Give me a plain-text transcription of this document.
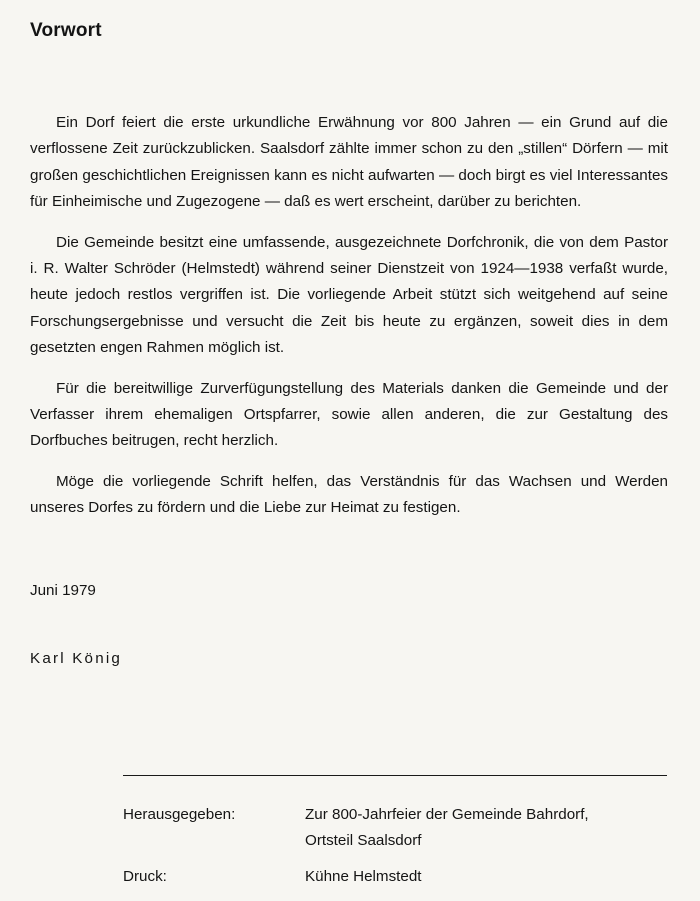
Vorwort

Ein Dorf feiert die erste urkundliche Erwähnung vor 800 Jahren — ein Grund auf die verflossene Zeit zurückzublicken. Saalsdorf zählte immer schon zu den „stillen“ Dörfern — mit großen geschichtlichen Ereignissen kann es nicht aufwarten — doch birgt es viel Interessantes für Einheimische und Zugezogene — daß es wert erscheint, darüber zu berichten.

Die Gemeinde besitzt eine umfassende, ausgezeichnete Dorfchronik, die von dem Pastor i. R. Walter Schröder (Helmstedt) während seiner Dienstzeit von 1924—1938 verfaßt wurde, heute jedoch restlos vergriffen ist. Die vorliegende Arbeit stützt sich weitgehend auf seine Forschungsergebnisse und versucht die Zeit bis heute zu ergänzen, soweit dies in dem gesetzten engen Rahmen möglich ist.

Für die bereitwillige Zurverfügungstellung des Materials danken die Gemeinde und der Verfasser ihrem ehemaligen Ortspfarrer, sowie allen anderen, die zur Gestaltung des Dorfbuches beitrugen, recht herzlich.

Möge die vorliegende Schrift helfen, das Verständnis für das Wachsen und Werden unseres Dorfes zu fördern und die Liebe zur Heimat zu festigen.

Juni 1979
Karl König
Herausgegeben:	Zur 800-Jahrfeier der Gemeinde Bahrdorf,
Ortsteil Saalsdorf
Druck:	Kühne Helmstedt
